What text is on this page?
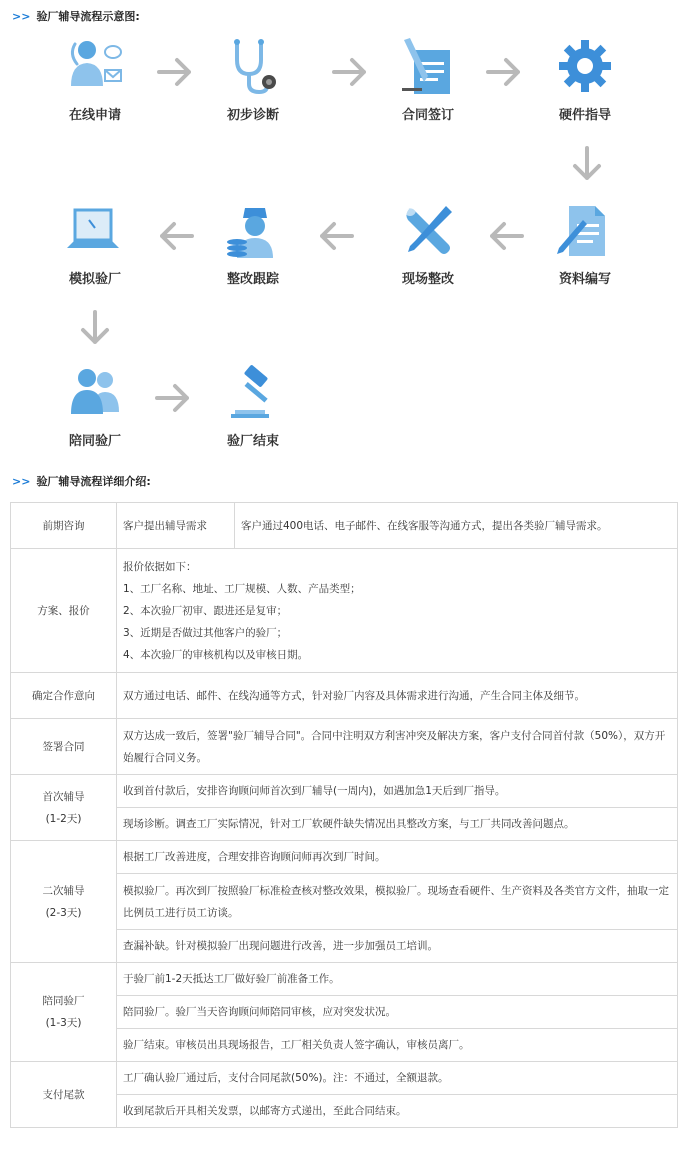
>> 验厂辅导流程示意图:
在线申请	初步诊断	合同签订	硬件指导
资料编写
现场整改
整改跟踪
模拟验厂
陪同验厂	验厂结束
>> 验厂辅导流程详细介绍:
前期咨询	客户提出辅导需求	客户通过400电话、电子邮件、在线客服等沟通方式，提出各类验厂辅导需求。
方案、报价	报价依据如下：
1、工厂名称、地址、工厂规模、人数、产品类型；
2、本次验厂初审、跟进还是复审；
3、近期是否做过其他客户的验厂；
4、本次验厂的审核机构以及审核日期。	

确定合作意向	双方通过电话、邮件、在线沟通等方式，针对验厂内容及具体需求进行沟通，产生合同主体及细节。	
签署合同	双方达成一致后，签署"验厂辅导合同"。合同中注明双方利害冲突及解决方案，客户支付合同首付款（50%），双方开始履行合同义务。	

首次辅导
(1-2天)	收到首付款后，安排咨询顾问师首次到厂辅导(一周内)，如遇加急1天后到厂指导。	
	现场诊断。调查工厂实际情况，针对工厂软硬件缺失情况出具整改方案，与工厂共同改善问题点。	

二次辅导
(2-3天)	根据工厂改善进度，合理安排咨询顾问师再次到厂时间。	
	模拟验厂。再次到厂按照验厂标准检查核对整改效果，模拟验厂。现场查看硬件、生产资料及各类官方文件，抽取一定比例员工进行员工访谈。	
	查漏补缺。针对模拟验厂出现问题进行改善，进一步加强员工培训。	

陪同验厂
(1-3天)	于验厂前1-2天抵达工厂做好验厂前准备工作。	
	陪同验厂。验厂当天咨询顾问师陪同审核，应对突发状况。	
	验厂结束。审核员出具现场报告，工厂相关负责人签字确认，审核员离厂。	
支付尾款	工厂确认验厂通过后，支付合同尾款(50%)。注：不通过，全额退款。	
	收到尾款后开具相关发票，以邮寄方式递出，至此合同结束。	
